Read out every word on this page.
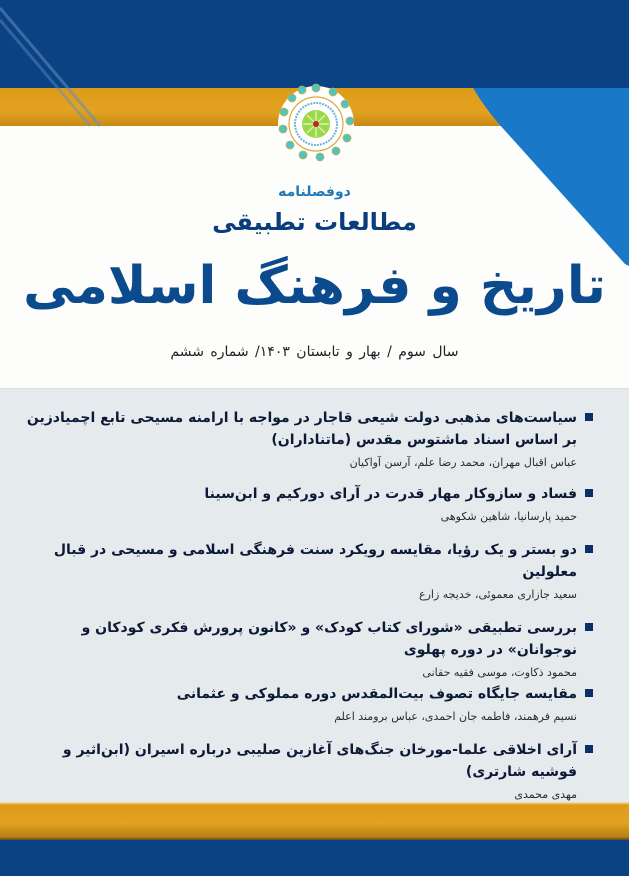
دوفصلنامه
مطالعات تطبیقی
تاریخ و فرهنگ اسلامی
سال سوم / بهار و تابستان ۱۴۰۳/ شماره ششم
سیاست‌های مذهبی دولت شیعی قاجار در مواجه با ارامنه مسیحی تابع اچمیادزین بر اساس اسناد ماشتوس مقدس (ماتناداران)
عباس اقبال مهران، محمد رضا علم، آرسن آواکیان
فساد و سازوکار مهار قدرت در آرای دورکیم و ابن‌سینا
حمید پارسانیا، شاهین شکوهی
دو بستر و یک رؤیا، مقایسه رویکرد سنت فرهنگی اسلامی و مسیحی در قبال معلولین
سعید جازاری معموئی، خدیجه زارع
بررسی تطبیقی «شورای کتاب کودک» و «کانون پرورش فکری کودکان و نوجوانان» در دوره پهلوی
محمود ذکاوت، موسی فقیه حقانی
مقایسه جایگاه تصوف بیت‌المقدس دوره مملوکی و عثمانی
نسیم فرهمند، فاطمه جان احمدی، عباس برومند اعلم
آرای اخلاقی علما-مورخان جنگ‌های آغازین صلیبی درباره اسیران (ابن‌اثیر و فوشیه شارتری)
مهدی محمدی
